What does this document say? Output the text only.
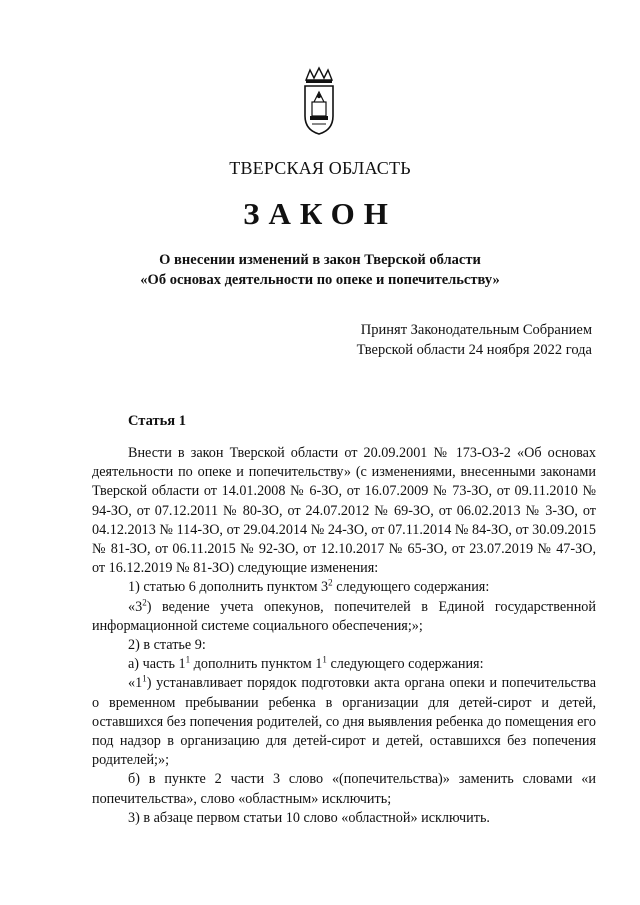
ТВЕРСКАЯ ОБЛАСТЬ
ЗАКОН
О внесении изменений в закон Тверской области
«Об основах деятельности по опеке и попечительству»
Принят Законодательным Собранием
Тверской области 24 ноября 2022 года
Статья 1

Внести в закон Тверской области от 20.09.2001 № 173-ОЗ-2 «Об основах деятельности по опеке и попечительству» (с изменениями, внесенными законами Тверской области от 14.01.2008 № 6-ЗО, от 16.07.2009 № 73-ЗО, от 09.11.2010 № 94-ЗО, от 07.12.2011 № 80-ЗО, от 24.07.2012 № 69-ЗО, от 06.02.2013 № 3-ЗО, от 04.12.2013 № 114-ЗО, от 29.04.2014 № 24-ЗО, от 07.11.2014 № 84-ЗО, от 30.09.2015 № 81-ЗО, от 06.11.2015 № 92-ЗО, от 12.10.2017 № 65-ЗО, от 23.07.2019 № 47-ЗО, от 16.12.2019 № 81-ЗО) следующие изменения:

1) статью 6 дополнить пунктом $3^2$ следующего содержания:

«$3^2$) ведение учета опекунов, попечителей в Единой государственной информационной системе социального обеспечения;»;

2) в статье 9:

а) часть $1^1$ дополнить пунктом $1^1$ следующего содержания:

«$1^1$) устанавливает порядок подготовки акта органа опеки и попечительства о временном пребывании ребенка в организации для детей-сирот и детей, оставшихся без попечения родителей, со дня выявления ребенка до помещения его под надзор в организацию для детей-сирот и детей, оставшихся без попечения родителей;»;

б) в пункте 2 части 3 слово «(попечительства)» заменить словами «и попечительства», слово «областным» исключить;

3) в абзаце первом статьи 10 слово «областной» исключить.
